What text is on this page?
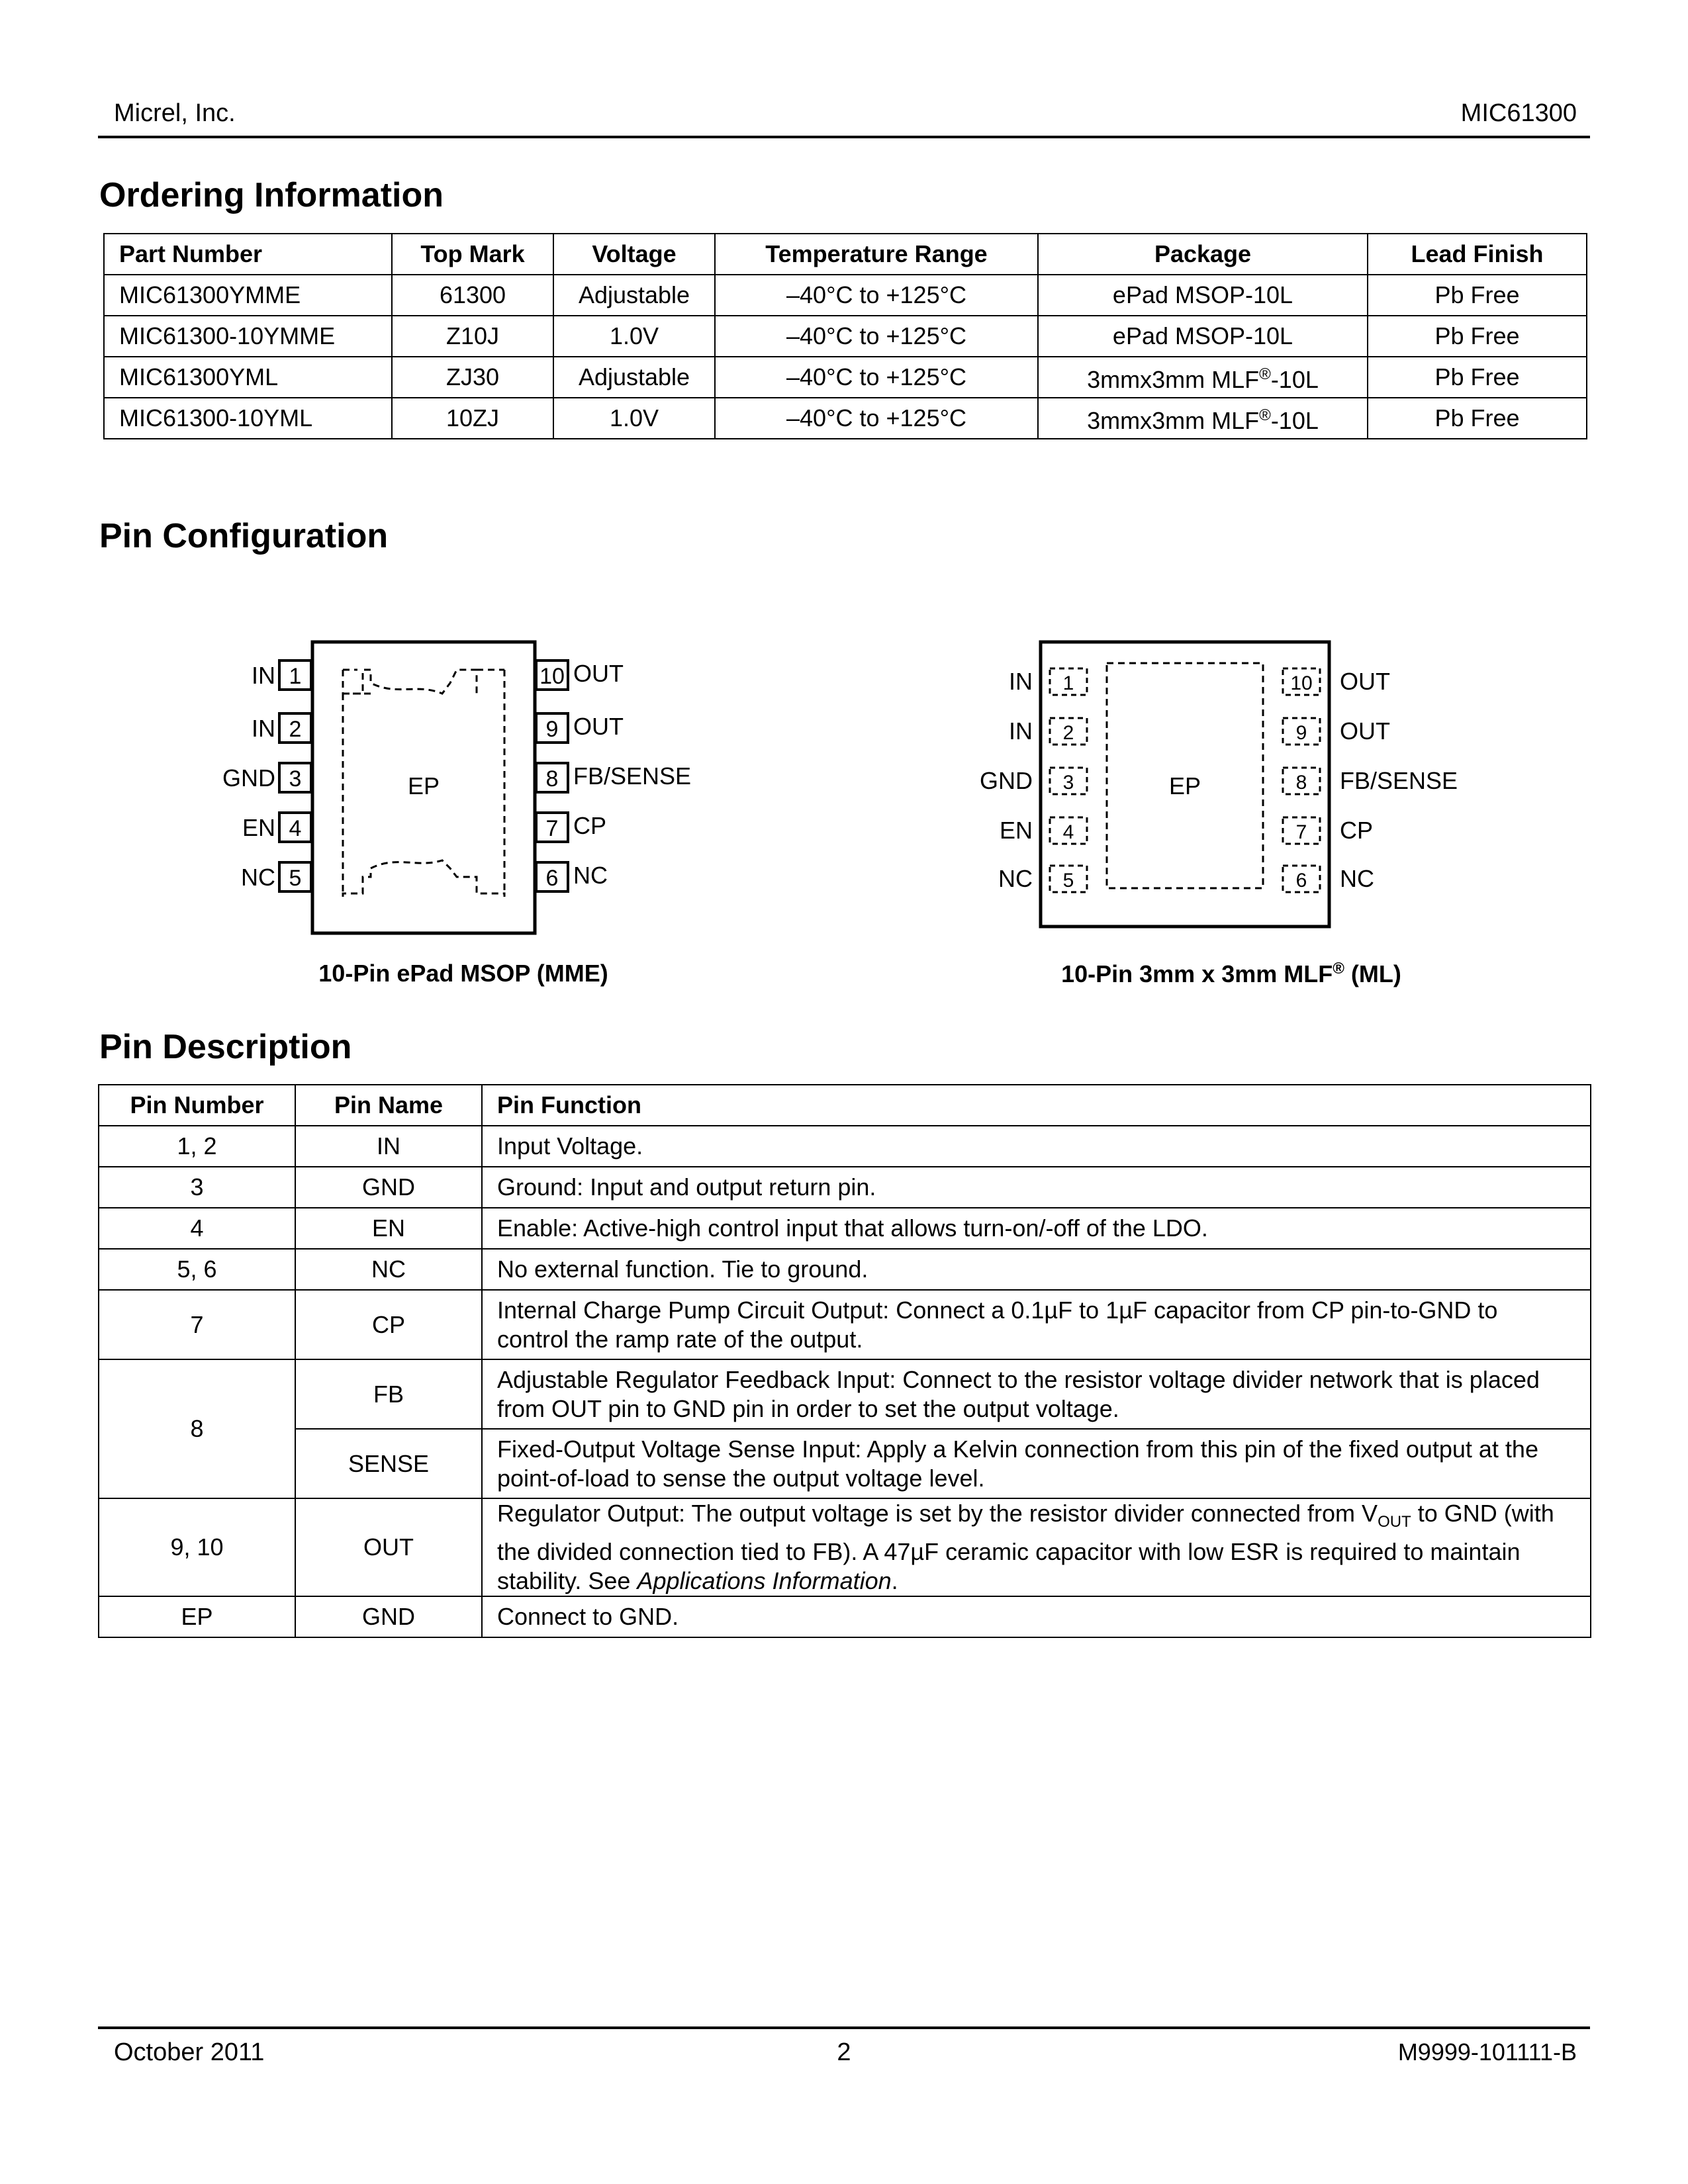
Micrel, Inc.	MIC61300
Ordering Information
Part Number	Top Mark	Voltage	Temperature Range	Package	Lead Finish
MIC61300YMME	61300	Adjustable	–40°C to +125°C	ePad MSOP-10L	Pb Free
MIC61300-10YMME	Z10J	1.0V	–40°C to +125°C	ePad MSOP-10L	Pb Free
MIC61300YML	ZJ30	Adjustable	–40°C to +125°C	3mmx3mm MLF®-10L	Pb Free
MIC61300-10YML	10ZJ	1.0V	–40°C to +125°C	3mmx3mm MLF®-10L	Pb Free
Pin Configuration
EP
1
IN
2
IN
3
GND
4
EN
5
NC
10 OUT
9 OUT
8 FB/SENSE
7 CP
6 NC
10-Pin ePad MSOP (MME)
EP
1
IN
2
IN
3
GND
4
EN
5
NC
10 OUT
9 OUT
8 FB/SENSE
7 CP
6 NC
10-Pin 3mm x 3mm MLF® (ML)
Pin Description
Pin Number	Pin Name	Pin Function
1, 2	IN	Input Voltage.
3	GND	Ground: Input and output return pin.
4	EN	Enable: Active-high control input that allows turn-on/-off of the LDO.
5, 6	NC	No external function. Tie to ground.
7	CP	Internal Charge Pump Circuit Output: Connect a 0.1µF to 1µF capacitor from CP pin-to-GND to control the ramp rate of the output.
8	FB	Adjustable Regulator Feedback Input: Connect to the resistor voltage divider network that is placed from OUT pin to GND pin in order to set the output voltage.
	SENSE	Fixed-Output Voltage Sense Input: Apply a Kelvin connection from this pin of the fixed output at the point-of-load to sense the output voltage level.
9, 10	OUT	Regulator Output: The output voltage is set by the resistor divider connected from $V_{OUT}$ to GND (with the divided connection tied to FB). A 47µF ceramic capacitor with low ESR is required to maintain stability. See Applications Information.
EP	GND	Connect to GND.
October 2011	2	M9999-101111-B
